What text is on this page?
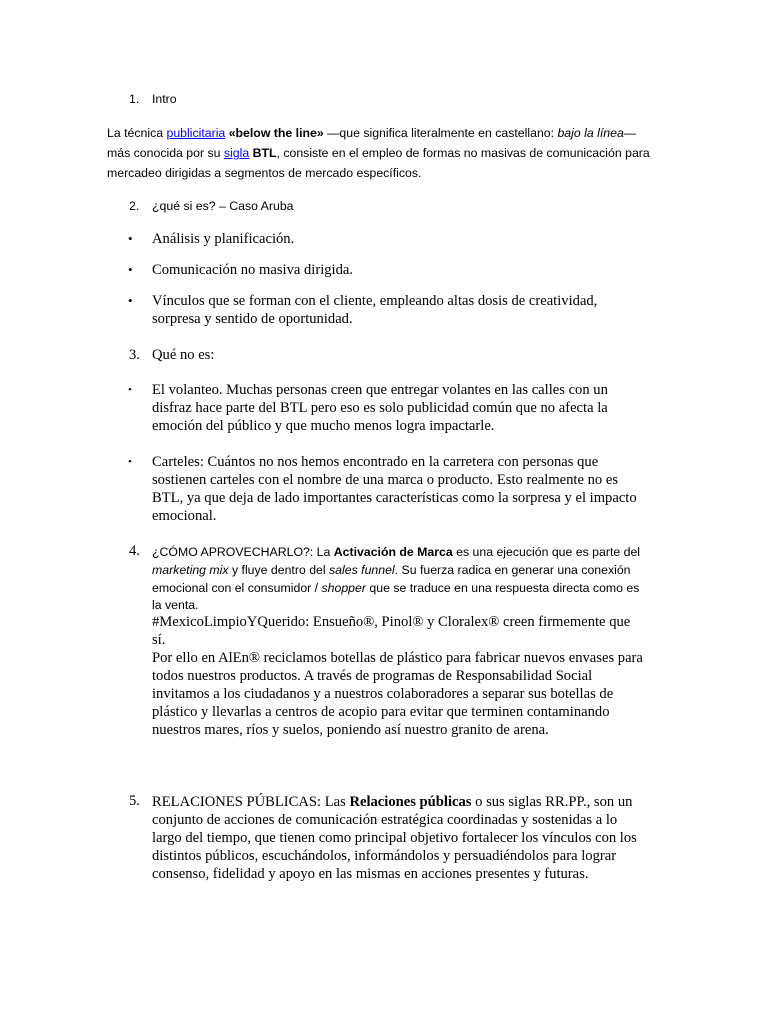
1. Intro
La técnica publicitaria «below the line» —que significa literalmente en castellano: bajo la línea—
más conocida por su sigla BTL, consiste en el empleo de formas no masivas de comunicación para
mercadeo dirigidas a segmentos de mercado específicos.
2. ¿qué si es? – Caso Aruba
• Análisis y planificación.
• Comunicación no masiva dirigida.
• Vínculos que se forman con el cliente, empleando altas dosis de creatividad,
sorpresa y sentido de oportunidad.
3. Qué no es:
• El volanteo. Muchas personas creen que entregar volantes en las calles con un
disfraz hace parte del BTL pero eso es solo publicidad común que no afecta la
emoción del público y que mucho menos logra impactarle.
• Carteles: Cuántos no nos hemos encontrado en la carretera con personas que
sostienen carteles con el nombre de una marca o producto. Esto realmente no es
BTL, ya que deja de lado importantes características como la sorpresa y el impacto
emocional.
4. ¿CÓMO APROVECHARLO?: La Activación de Marca es una ejecución que es parte del
marketing mix y fluye dentro del sales funnel. Su fuerza radica en generar una conexión
emocional con el consumidor / shopper que se traduce en una respuesta directa como es
la venta.
#MexicoLimpioYQuerido: Ensueño®, Pinol® y Cloralex® creen firmemente que
sí.
Por ello en AlEn® reciclamos botellas de plástico para fabricar nuevos envases para
todos nuestros productos. A través de programas de Responsabilidad Social
invitamos a los ciudadanos y a nuestros colaboradores a separar sus botellas de
plástico y llevarlas a centros de acopio para evitar que terminen contaminando
nuestros mares, ríos y suelos, poniendo así nuestro granito de arena.
5. RELACIONES PÚBLICAS: Las Relaciones públicas o sus siglas RR.PP., son un
conjunto de acciones de comunicación estratégica coordinadas y sostenidas a lo
largo del tiempo, que tienen como principal objetivo fortalecer los vínculos con los
distintos públicos, escuchándolos, informándolos y persuadiéndolos para lograr
consenso, fidelidad y apoyo en las mismas en acciones presentes y futuras.
